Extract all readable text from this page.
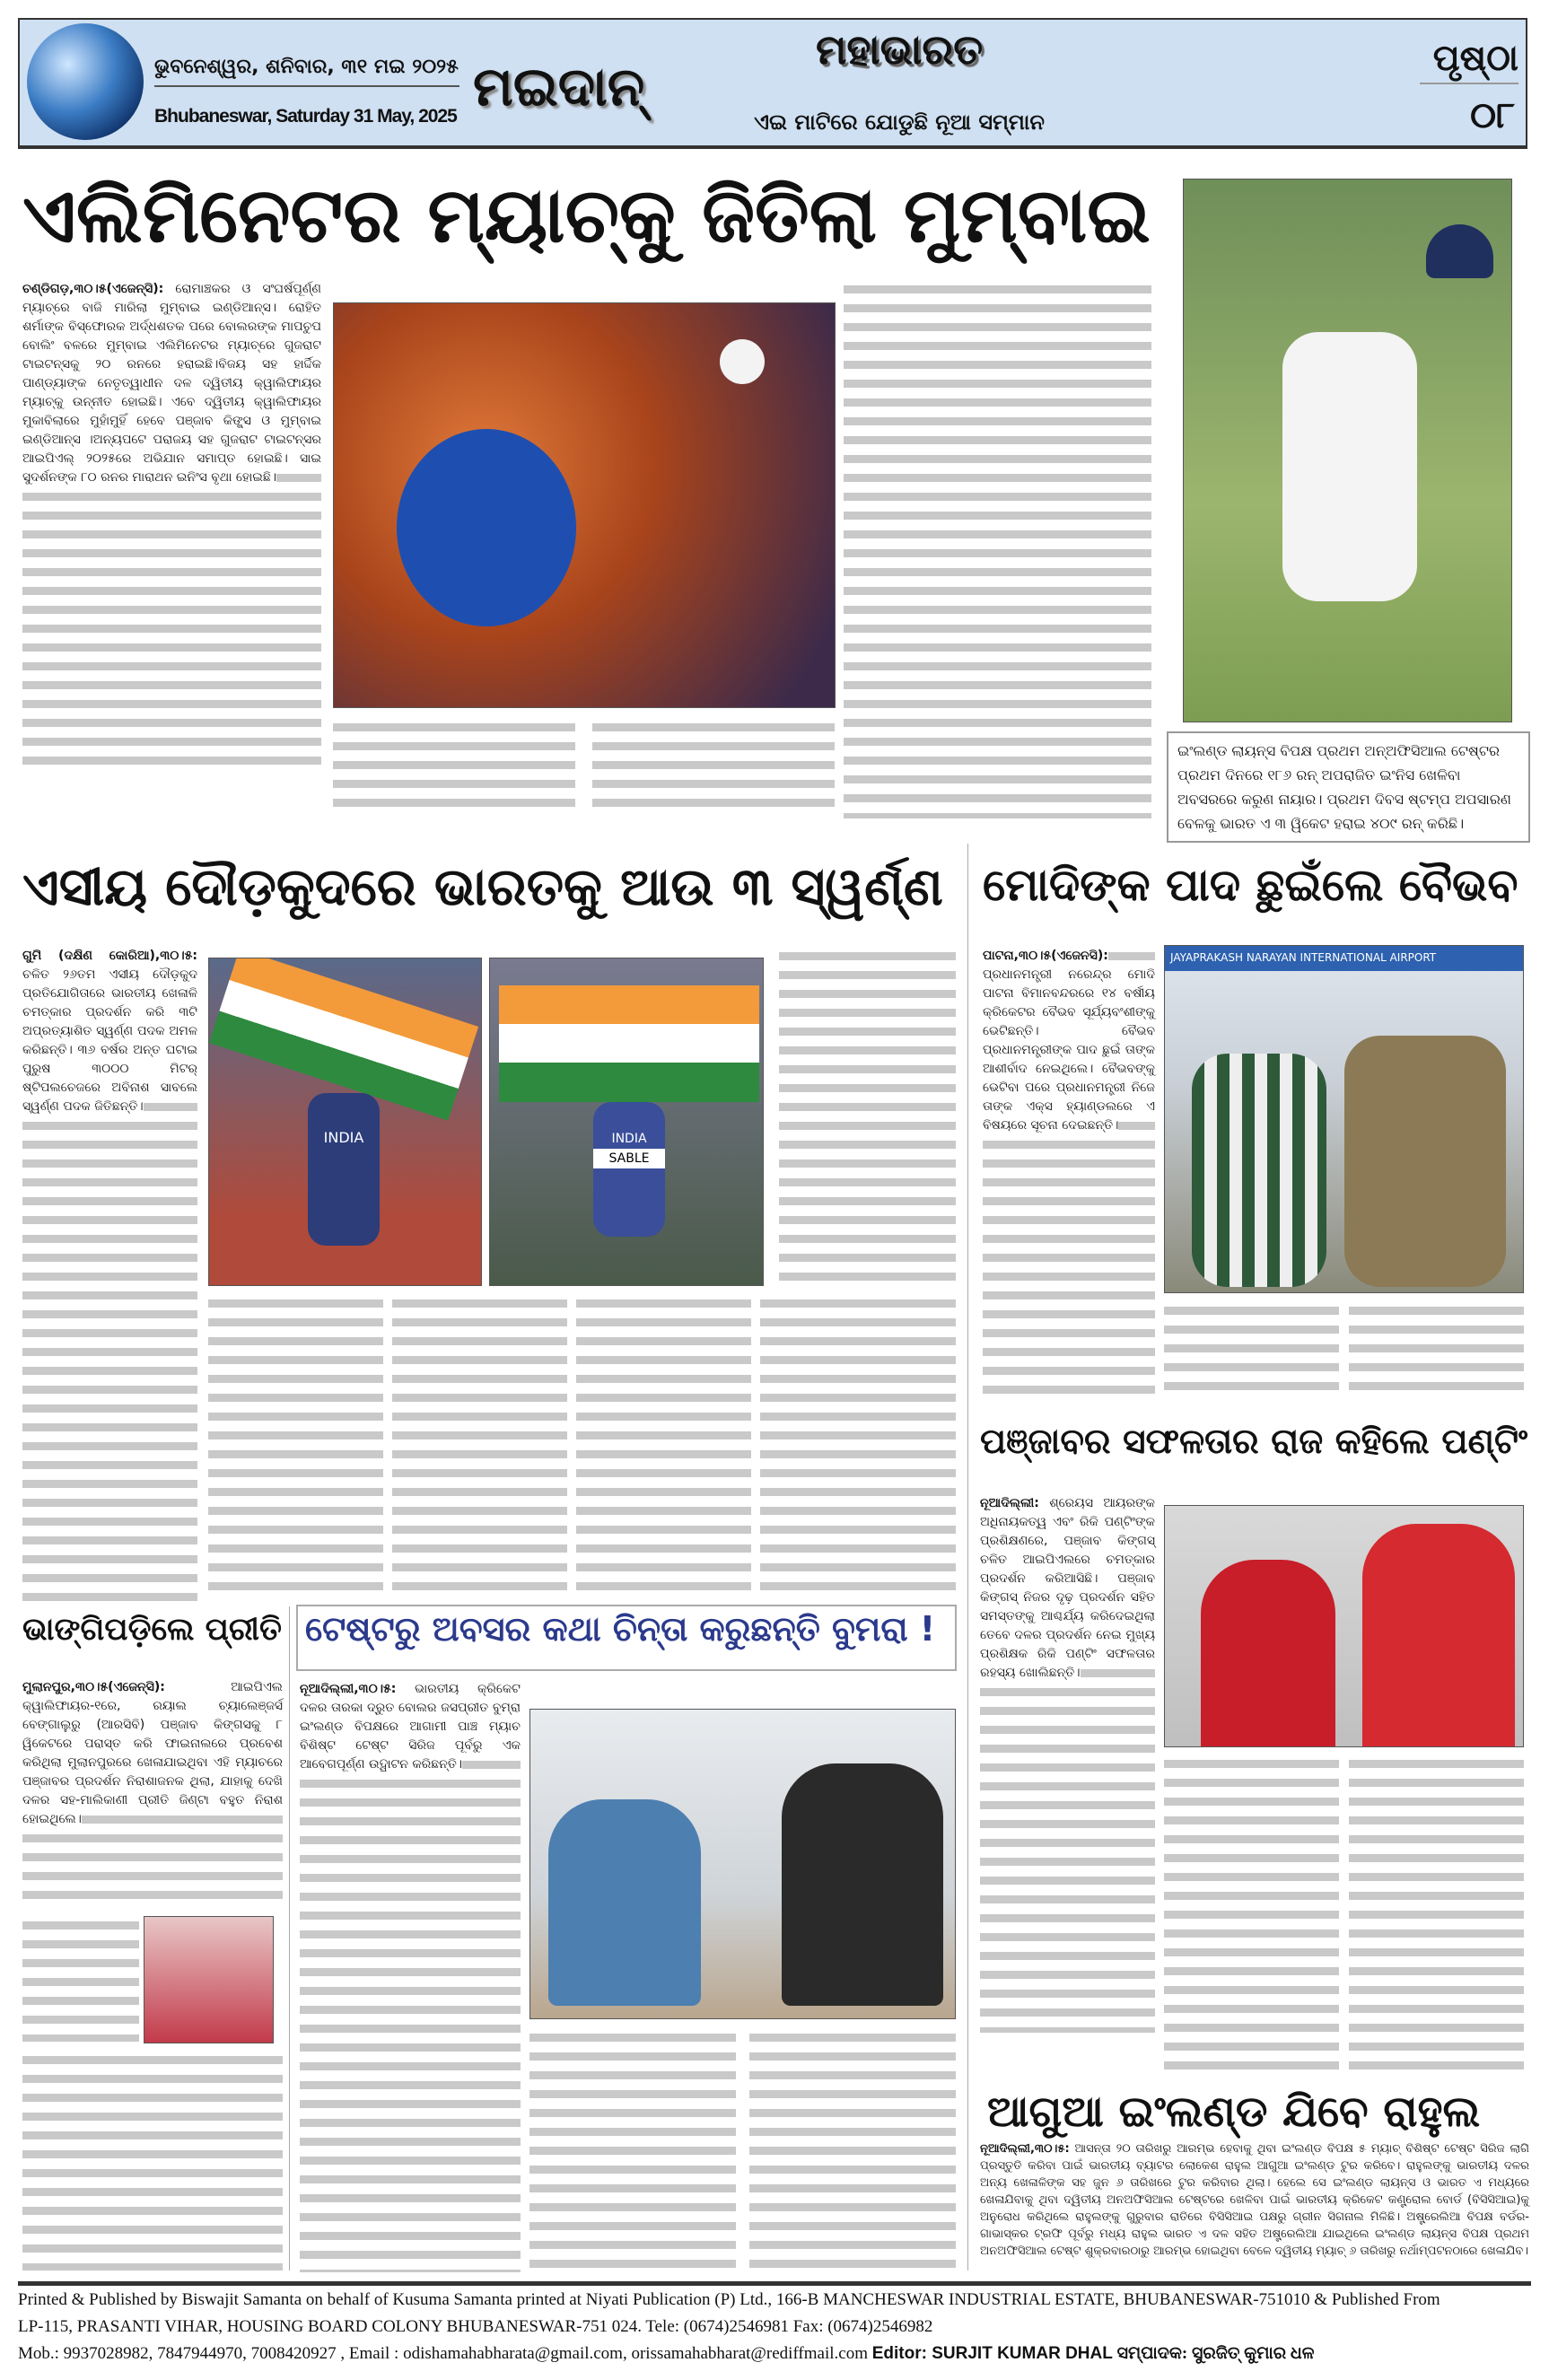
ଭୁବନେଶ୍ୱର, ଶନିବାର, ୩୧ ମଇ ୨୦୨୫
Bhubaneswar, Saturday 31 May, 2025 ମଇଦାନ୍
ମହାଭାରତ
ଏଇ ମାଟିରେ ଯୋଡୁଛି ନୂଆ ସମ୍ମାନ
ପୃଷ୍ଠା
୦୮
ଏଲିମିନେଟର ମ୍ୟାଚ୍‌କୁ ଜିତିଲା ମୁମ୍ବାଇ
ଚଣ୍ଡିଗଡ଼,୩୦।୫(ଏଜେନ୍ସି): ରୋମାଞ୍ଚକର ଓ ସଂଘର୍ଷପୂର୍ଣ୍ଣ ମ୍ୟାଚ୍‌ରେ ବାଜି ମାରିଲା ମୁମ୍ବାଇ ଇଣ୍ଡିଆନ୍ସ। ରୋହିତ ଶର୍ମାଙ୍କ ବିସ୍ଫୋରକ ଅର୍ଦ୍ଧଶତକ ପରେ ବୋଲରଙ୍କ ମାପଚୁପ ବୋଲିଂ ବଳରେ ମୁମ୍ବାଇ ଏଲିମିନେଟର ମ୍ୟାଚ୍‌ରେ ଗୁଜରାଟ ଟାଇଟନ୍ସକୁ ୨୦ ରନରେ ହରାଇଛି।ବିଜୟ ସହ ହାର୍ଦ୍ଦିକ ପାଣ୍ଡ୍ୟାଙ୍କ ନେତୃତ୍ୱାଧୀନ ଦଳ ଦ୍ୱିତୀୟ କ୍ୱାଲିଫାୟର ମ୍ୟାଚ୍‌କୁ ଉନ୍ନୀତ ହୋଇଛି। ଏବେ ଦ୍ୱିତୀୟ କ୍ୱାଲିଫାୟର ମୁକାବିଲାରେ ମୁହାଁମୁହିଁ ହେବେ ପଞ୍ଜାବ କିଙ୍ଗ୍ସ ଓ ମୁମ୍ବାଇ ଇଣ୍ଡିଆନ୍ସ ।ଅନ୍ୟପଟେ ପରାଜୟ ସହ ଗୁଜରାଟ ଟାଇଟନ୍ସର ଆଇପିଏଲ୍ ୨୦୨୫ରେ ଅଭିଯାନ ସମାପ୍ତ ହୋଇଛି। ସାଇ ସୁଦର୍ଶନଙ୍କ ୮୦ ରନର ମାରାଥନ ଇନିଂସ ବୃଥା ହୋଇଛି।
ଇଂଲଣ୍ଡ ଲାୟନ୍ସ ବିପକ୍ଷ ପ୍ରଥମ ଅନ୍‌ଅଫିସିଆଲ ଟେଷ୍ଟର ପ୍ରଥମ ଦିନରେ ୧୮୬ ରନ୍ ଅପରାଜିତ ଇଂନିସ ଖେଳିବା ଅବସରରେ କରୁଣ ନାୟାର। ପ୍ରଥମ ଦିବସ ଷ୍ଟମ୍ପ ଅପସାରଣ ବେଳକୁ ଭାରତ ଏ ୩ ୱିକେଟ ହରାଇ ୪୦୯ ରନ୍ କରିଛି।
ଏସୀୟ ଦୌଡ଼କୁଦରେ ଭାରତକୁ ଆଉ ୩ ସ୍ୱର୍ଣ୍ଣ
ଗୁମି (ଦକ୍ଷିଣ କୋରିଆ),୩୦।୫: ଚଳିତ ୨୬ତମ ଏସୀୟ ଦୌଡ଼କୁଦ ପ୍ରତିଯୋଗିତାରେ ଭାରତୀୟ ଖେଳାଳି ଚମତ୍କାର ପ୍ରଦର୍ଶନ କରି ୩ଟି ଅପ୍ରତ୍ୟାଶିତ ସ୍ୱର୍ଣ୍ଣ ପଦକ ଅମଳ କରିଛନ୍ତି। ୩୬ ବର୍ଷର ଅନ୍ତ ଘଟାଇ ପୁରୁଷ ୩୦୦୦ ମିଟର୍ ଷ୍ଟିପଲଚେଜରେ ଅବିନାଶ ସାବଲେ ସ୍ୱର୍ଣ୍ଣ ପଦକ ଜିତିଛନ୍ତି।
INDIA	INDIA
SABLE
ମୋଦିଙ୍କ ପାଦ ଛୁଇଁଲେ ବୈଭବ
ପାଟନା,୩୦।୫(ଏଜେନସି): ପ୍ରଧାନମନ୍ତ୍ରୀ ନରେନ୍ଦ୍ର ମୋଦି ପାଟନା ବିମାନବନ୍ଦରରେ ୧୪ ବର୍ଷୀୟ କ୍ରିକେଟର ବୈଭବ ସୂର୍ଯ୍ୟବଂଶୀଙ୍କୁ ଭେଟିଛନ୍ତି। ବୈଭବ ପ୍ରଧାନମନ୍ତ୍ରୀଙ୍କ ପାଦ ଛୁଇଁ ତାଙ୍କ ଆଶୀର୍ବାଦ ନେଇଥିଲେ। ବୈଭବଙ୍କୁ ଭେଟିବା ପରେ ପ୍ରଧାନମନ୍ତ୍ରୀ ନିଜେ ତାଙ୍କ ଏକ୍ସ ହ୍ୟାଣ୍ଡଲରେ ଏ ବିଷୟରେ ସୂଚନା ଦେଇଛନ୍ତି।
JAYAPRAKASH NARAYAN INTERNATIONAL AIRPORT
ପଞ୍ଜାବର ସଫଳତାର ରାଜ କହିଲେ ପଣ୍ଟିଂ
ନୂଆଦିଲ୍ଲୀ: ଶ୍ରେୟସ ଆୟରଙ୍କ ଅଧିନାୟକତ୍ୱ ଏବଂ ରିକି ପଣ୍ଟିଂଙ୍କ ପ୍ରଶିକ୍ଷଣରେ, ପଞ୍ଜାବ କିଙ୍ଗସ୍ ଚଳିତ ଆଇପିଏଲରେ ଚମତ୍କାର ପ୍ରଦର୍ଶନ କରିଆସିଛି। ପଞ୍ଜାବ କିଙ୍ଗସ୍ ନିଜର ଦୃଢ଼ ପ୍ରଦର୍ଶନ ସହିତ ସମସ୍ତଙ୍କୁ ଆଶ୍ଚର୍ଯ୍ୟ କରିଦେଇଥିଲା ତେବେ ଦଳର ପ୍ରଦର୍ଶନ ନେଇ ମୁଖ୍ୟ ପ୍ରଶିକ୍ଷକ ରିକି ପଣ୍ଟିଂ ସଫଳତାର ରହସ୍ୟ ଖୋଲିଛନ୍ତି।
ଭାଙ୍ଗିପଡ଼ିଲେ ପ୍ରୀତି
ମୁଲାନପୁର,୩୦।୫(ଏଜେନ୍ସି):	ଆଇପିଏଲ କ୍ୱାଲିଫାୟର-୧ରେ, ରୟାଲ ଚ୍ୟାଲେଞ୍ଜର୍ସ ବେଙ୍ଗାଲୁରୁ (ଆରସିବି) ପଞ୍ଜାବ କିଙ୍ଗସକୁ ୮ ୱିକେଟରେ ପରାସ୍ତ କରି ଫାଇନାଲରେ ପ୍ରବେଶ କରିଥିଲା ମୁଲାନପୁରରେ ଖେଳାଯାଇଥିବା ଏହି ମ୍ୟାଚରେ ପଞ୍ଜାବର ପ୍ରଦର୍ଶନ ନିରାଶାଜନକ ଥିଲା, ଯାହାକୁ ଦେଖି ଦଳର ସହ-ମାଲିକାଣୀ ପ୍ରୀତି ଜିଣ୍ଟା ବହୁତ ନିରାଶ ହୋଇଥିଲେ।
ଟେଷ୍ଟରୁ ଅବସର କଥା ଚିନ୍ତା କରୁଛନ୍ତି ବୁମରା !
ନୂଆଦିଲ୍ଲୀ,୩୦।୫: ଭାରତୀୟ କ୍ରିକେଟ ଦଳର ତାରକା ଦ୍ରୁତ ବୋଲର ଜସପ୍ରୀତ ବୁମ୍ରା ଇଂଲଣ୍ଡ ବିପକ୍ଷରେ ଆଗାମୀ ପାଞ୍ଚ ମ୍ୟାଚ ବିଶିଷ୍ଟ ଟେଷ୍ଟ ସିରିଜ ପୂର୍ବରୁ ଏକ ଆବେଗପୂର୍ଣ୍ଣ ଉଦ୍ଘାଟନ କରିଛନ୍ତି।
ଆଗୁଆ ଇଂଲଣ୍ଡ ଯିବେ ରାହୁଲ
ନୂଆଦିଲ୍ଲୀ,୩୦।୫: ଆସନ୍ତା ୨୦ ତାରିଖରୁ ଆରମ୍ଭ ହେବାକୁ ଥିବା ଇଂଲଣ୍ଡ ବିପକ୍ଷ ୫ ମ୍ୟାଚ୍ ବିଶିଷ୍ଟ ଟେଷ୍ଟ ସିରିଜ ଲାଗି ପ୍ରସ୍ତୁତି କରିବା ପାଇଁ ଭାରତୀୟ ବ୍ୟାଟର ଲୋକେଶ ରାହୁଲ ଆଗୁଆ ଇଂଲଣ୍ଡ ଟୁର କରିବେ। ରାହୁଲଙ୍କୁ ଭାରତୀୟ ଦଳର ଅନ୍ୟ ଖେଳାଳିଙ୍କ ସହ ଜୁନ ୬ ତାରିଖରେ ଟୁର କରିବାର ଥିଲା। ହେଲେ ସେ ଇଂଲଣ୍ଡ ଲାୟନ୍ସ ଓ ଭାରତ ଏ ମଧ୍ୟରେ ଖେଳାଯିବାକୁ ଥିବା ଦ୍ୱିତୀୟ ଅନଅଫିସିଆଲ ଟେଷ୍ଟରେ ଖେଳିବା ପାଇଁ ଭାରତୀୟ କ୍ରିକେଟ କଣ୍ଟ୍ରୋଲ ବୋର୍ଡ (ବିସିସିଆଇ)କୁ ଅନୁରୋଧ କରିଥିଲେ ରାହୁଲଙ୍କୁ ଗୁରୁବାର ରାତିରେ ବିସିସିଆଇ ପକ୍ଷରୁ ଗ୍ରୀନ ସିଗନାଲ ମିଳିଛି। ଅଷ୍ଟ୍ରେଲିଆ ବିପକ୍ଷ ବର୍ଡର-ଗାଭାସ୍କର ଟ୍ରଫି ପୂର୍ବରୁ ମଧ୍ୟ ରାହୁଲ ଭାରତ ଏ ଦଳ ସହିତ ଅଷ୍ଟ୍ରେଲିଆ ଯାଇଥିଲେ ଇଂଲଣ୍ଡ ଲାୟନ୍ସ ବିପକ୍ଷ ପ୍ରଥମ ଅନଅଫିସିଆଲ ଟେଷ୍ଟ ଶୁକ୍ରବାରଠାରୁ ଆରମ୍ଭ ହୋଇଥିବା ବେଳେ ଦ୍ୱିତୀୟ ମ୍ୟାଚ୍ ୬ ତାରିଖରୁ ନର୍ଥାମ୍ପଟନଠାରେ ଖେଳାଯିବ।
Printed & Published by Biswajit Samanta on behalf of Kusuma Samanta printed at Niyati Publication (P) Ltd., 166-B MANCHESWAR INDUSTRIAL ESTATE, BHUBANESWAR-751010 & Published From
LP-115, PRASANTI VIHAR, HOUSING BOARD COLONY BHUBANESWAR-751 024. Tele: (0674)2546981 Fax: (0674)2546982
Mob.: 9937028982, 7847944970, 7008420927 , Email : odishamahabharata@gmail.com, orissamahabharat@rediffmail.com Editor: SURJIT KUMAR DHAL ସମ୍ପାଦକ: ସୁରଜିତ୍ କୁମାର ଧଳ
